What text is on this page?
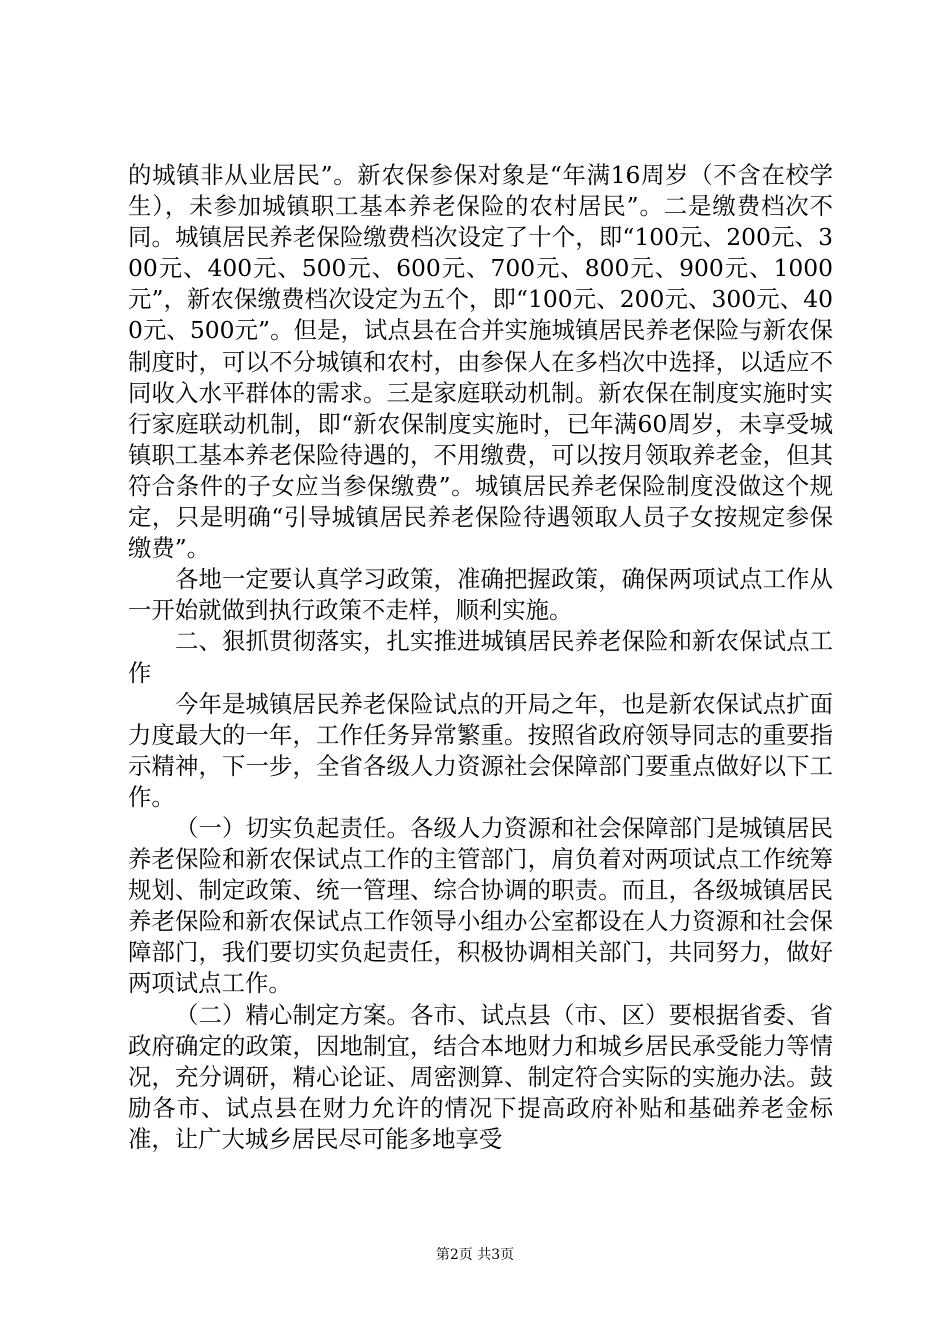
的城镇非从业居民”。新农保参保对象是“年满16周岁（不含在校学生），未参加城镇职工基本养老保险的农村居民”。二是缴费档次不同。城镇居民养老保险缴费档次设定了十个，即“100元、200元、300元、400元、500元、600元、700元、800元、900元、1000元”，新农保缴费档次设定为五个，即“100元、200元、300元、400元、500元”。但是，试点县在合并实施城镇居民养老保险与新农保制度时，可以不分城镇和农村，由参保人在多档次中选择，以适应不同收入水平群体的需求。三是家庭联动机制。新农保在制度实施时实行家庭联动机制，即“新农保制度实施时，已年满60周岁，未享受城镇职工基本养老保险待遇的，不用缴费，可以按月领取养老金，但其符合条件的子女应当参保缴费”。城镇居民养老保险制度没做这个规定，只是明确“引导城镇居民养老保险待遇领取人员子女按规定参保缴费”。

各地一定要认真学习政策，准确把握政策，确保两项试点工作从一开始就做到执行政策不走样，顺利实施。

二、狠抓贯彻落实，扎实推进城镇居民养老保险和新农保试点工作

今年是城镇居民养老保险试点的开局之年，也是新农保试点扩面力度最大的一年，工作任务异常繁重。按照省政府领导同志的重要指示精神，下一步，全省各级人力资源社会保障部门要重点做好以下工作。

（一）切实负起责任。各级人力资源和社会保障部门是城镇居民养老保险和新农保试点工作的主管部门，肩负着对两项试点工作统筹规划、制定政策、统一管理、综合协调的职责。而且，各级城镇居民养老保险和新农保试点工作领导小组办公室都设在人力资源和社会保障部门，我们要切实负起责任，积极协调相关部门，共同努力，做好两项试点工作。

（二）精心制定方案。各市、试点县（市、区）要根据省委、省政府确定的政策，因地制宜，结合本地财力和城乡居民承受能力等情况，充分调研，精心论证、周密测算、制定符合实际的实施办法。鼓励各市、试点县在财力允许的情况下提高政府补贴和基础养老金标准，让广大城乡居民尽可能多地享受

第2页 共3页
